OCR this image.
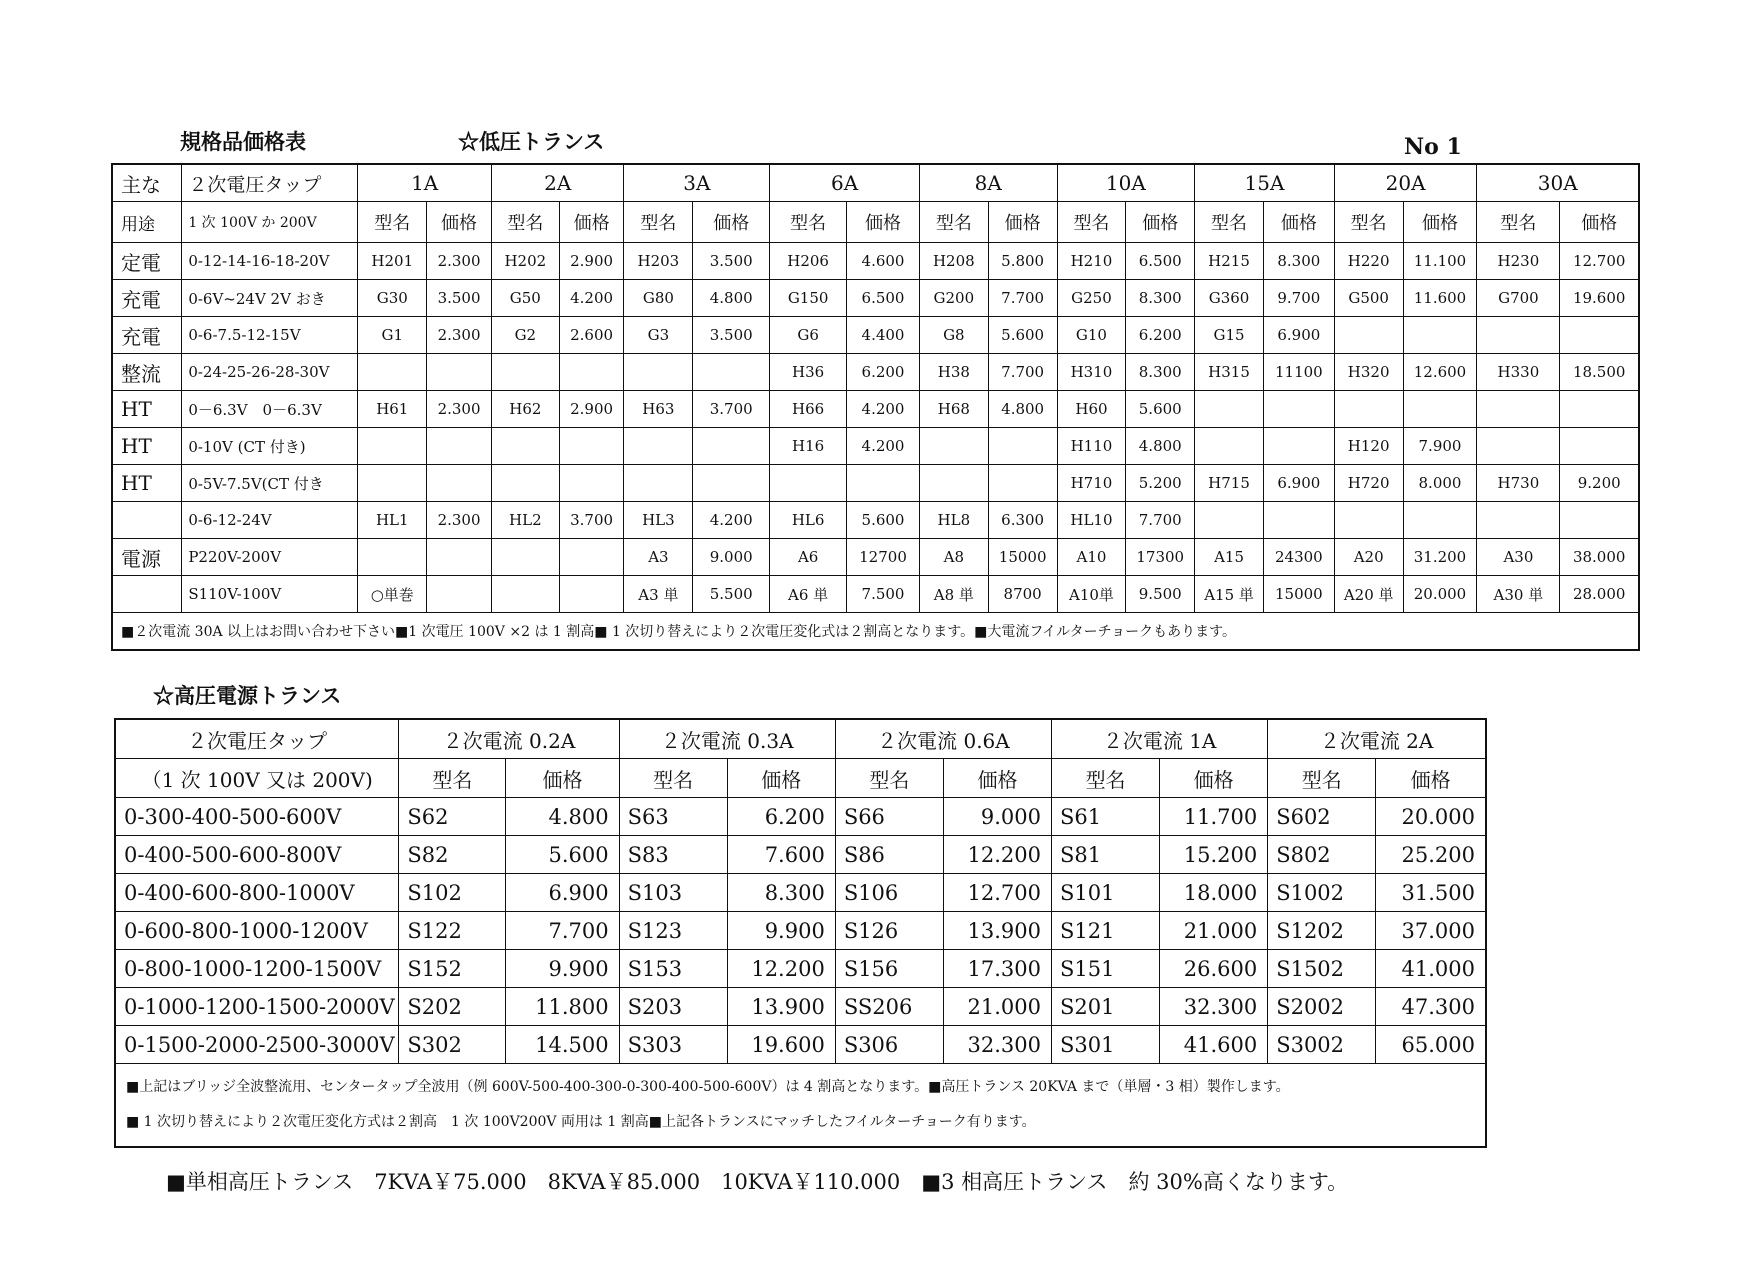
規格品価格表	☆低圧トランス	No 1
主な	２次電圧タップ	1A		2A		3A		6A		8A		10A		15A		20A		30A	
用途	1 次 100V か 200V	型名	価格	型名	価格	型名	価格	型名	価格	型名	価格	型名	価格	型名	価格	型名	価格	型名	価格
定電	0-12-14-16-18-20V	H201	2.300	H202	2.900	H203	3.500	H206	4.600	H208	5.800	H210	6.500	H215	8.300	H220	11.100	H230	12.700
充電	0-6V~24V 2V おき	G30	3.500	G50	4.200	G80	4.800	G150	6.500	G200	7.700	G250	8.300	G360	9.700	G500	11.600	G700	19.600
充電	0-6-7.5-12-15V	G1	2.300	G2	2.600	G3	3.500	G6	4.400	G8	5.600	G10	6.200	G15	6.900				
整流	0-24-25-26-28-30V							H36	6.200	H38	7.700	H310	8.300	H315	11100	H320	12.600	H330	18.500
HT	0－6.3V　0－6.3V	H61	2.300	H62	2.900	H63	3.700	H66	4.200	H68	4.800	H60	5.600						
HT	0-10V (CT 付き)							H16	4.200			H110	4.800			H120	7.900		
HT	0-5V-7.5V(CT 付き											H710	5.200	H715	6.900	H720	8.000	H730	9.200
	0-6-12-24V	HL1	2.300	HL2	3.700	HL3	4.200	HL6	5.600	HL8	6.300	HL10	7.700						
電源	P220V-200V					A3	9.000	A6	12700	A8	15000	A10	17300	A15	24300	A20	31.200	A30	38.000
	S110V-100V	○単巻				A3 単	5.500	A6 単	7.500	A8 単	8700	A10単	9.500	A15 単	15000	A20 単	20.000	A30 単	28.000
■２次電流 30A 以上はお問い合わせ下さい■1 次電圧 100V ×2 は 1 割高■ 1 次切り替えにより２次電圧変化式は２割高となります。■大電流フイルターチョークもあります。																			
☆高圧電源トランス
２次電圧タップ	２次電流 0.2A		２次電流 0.3A		２次電流 0.6A		２次電流 1A		２次電流 2A	
（1 次 100V 又は 200V)	型名	価格	型名	価格	型名	価格	型名	価格	型名	価格
0-300-400-500-600V	S62	4.800	S63	6.200	S66	9.000	S61	11.700	S602	20.000
0-400-500-600-800V	S82	5.600	S83	7.600	S86	12.200	S81	15.200	S802	25.200
0-400-600-800-1000V	S102	6.900	S103	8.300	S106	12.700	S101	18.000	S1002	31.500
0-600-800-1000-1200V	S122	7.700	S123	9.900	S126	13.900	S121	21.000	S1202	37.000
0-800-1000-1200-1500V	S152	9.900	S153	12.200	S156	17.300	S151	26.600	S1502	41.000
0-1000-1200-1500-2000V	S202	11.800	S203	13.900	SS206	21.000	S201	32.300	S2002	47.300
0-1500-2000-2500-3000V	S302	14.500	S303	19.600	S306	32.300	S301	41.600	S3002	65.000

■上記はブリッジ全波整流用、センタータップ全波用（例 600V-500-400-300-0-300-400-500-600V）は 4 割高となります。■高圧トランス 20KVA まで（単層・3 相）製作します。
■ 1 次切り替えにより２次電圧変化方式は２割高　1 次 100V200V 両用は 1 割高■上記各トランスにマッチしたフイルターチョーク有ります。										
■単相高圧トランス　7KVA￥75.000　8KVA￥85.000　10KVA￥110.000　■3 相高圧トランス　約 30%高くなります。
